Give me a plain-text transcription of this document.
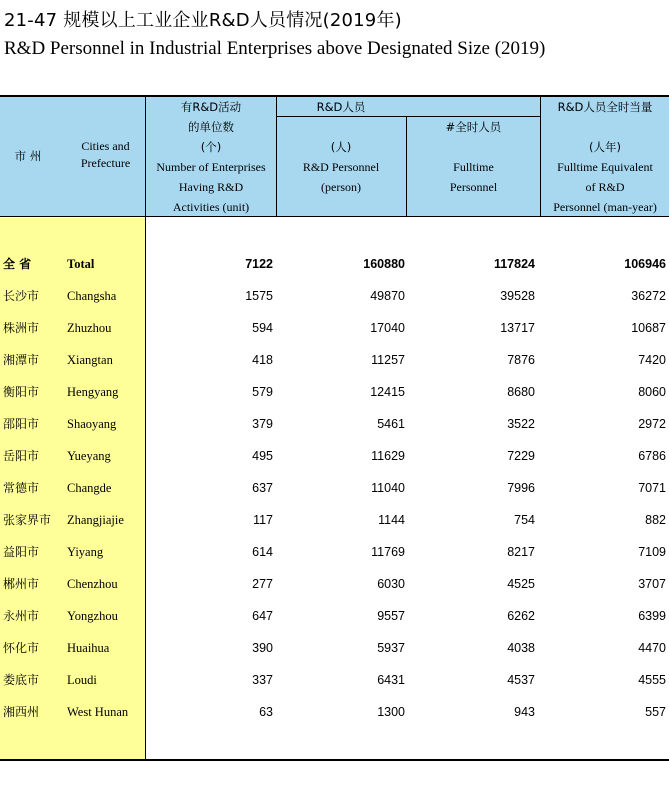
21-47 规模以上工业企业R&D人员情况(2019年)
R&D Personnel in Industrial Enterprises above Designated Size (2019)
市 州
Cities and Prefecture
有R&D活动
的单位数
(个)
Number of Enterprises
Having R&D
Activities (unit)
R&D人员
(人)
R&D Personnel
(person)
#全时人员
Fulltime
Personnel
R&D人员全时当量
(人年)
Fulltime Equivalent
of R&D
Personnel (man-year)
全 省	Total	7122	160880	117824	106946
长沙市 Changsha	1575	49870	39528	36272
株洲市 Zhuzhou	594	17040	13717	10687
湘潭市 Xiangtan	418	11257	7876	7420
衡阳市 Hengyang	579	12415	8680	8060
邵阳市 Shaoyang	379	5461	3522	2972
岳阳市 Yueyang	495	11629	7229	6786
常德市 Changde	637	11040	7996	7071
张家界市 Zhangjiajie	117	1144	754	882
益阳市 Yiyang	614	11769	8217	7109
郴州市 Chenzhou	277	6030	4525	3707
永州市 Yongzhou	647	9557	6262	6399
怀化市 Huaihua	390	5937	4038	4470
娄底市 Loudi	337	6431	4537	4555
湘西州 West Hunan	63	1300	943	557
